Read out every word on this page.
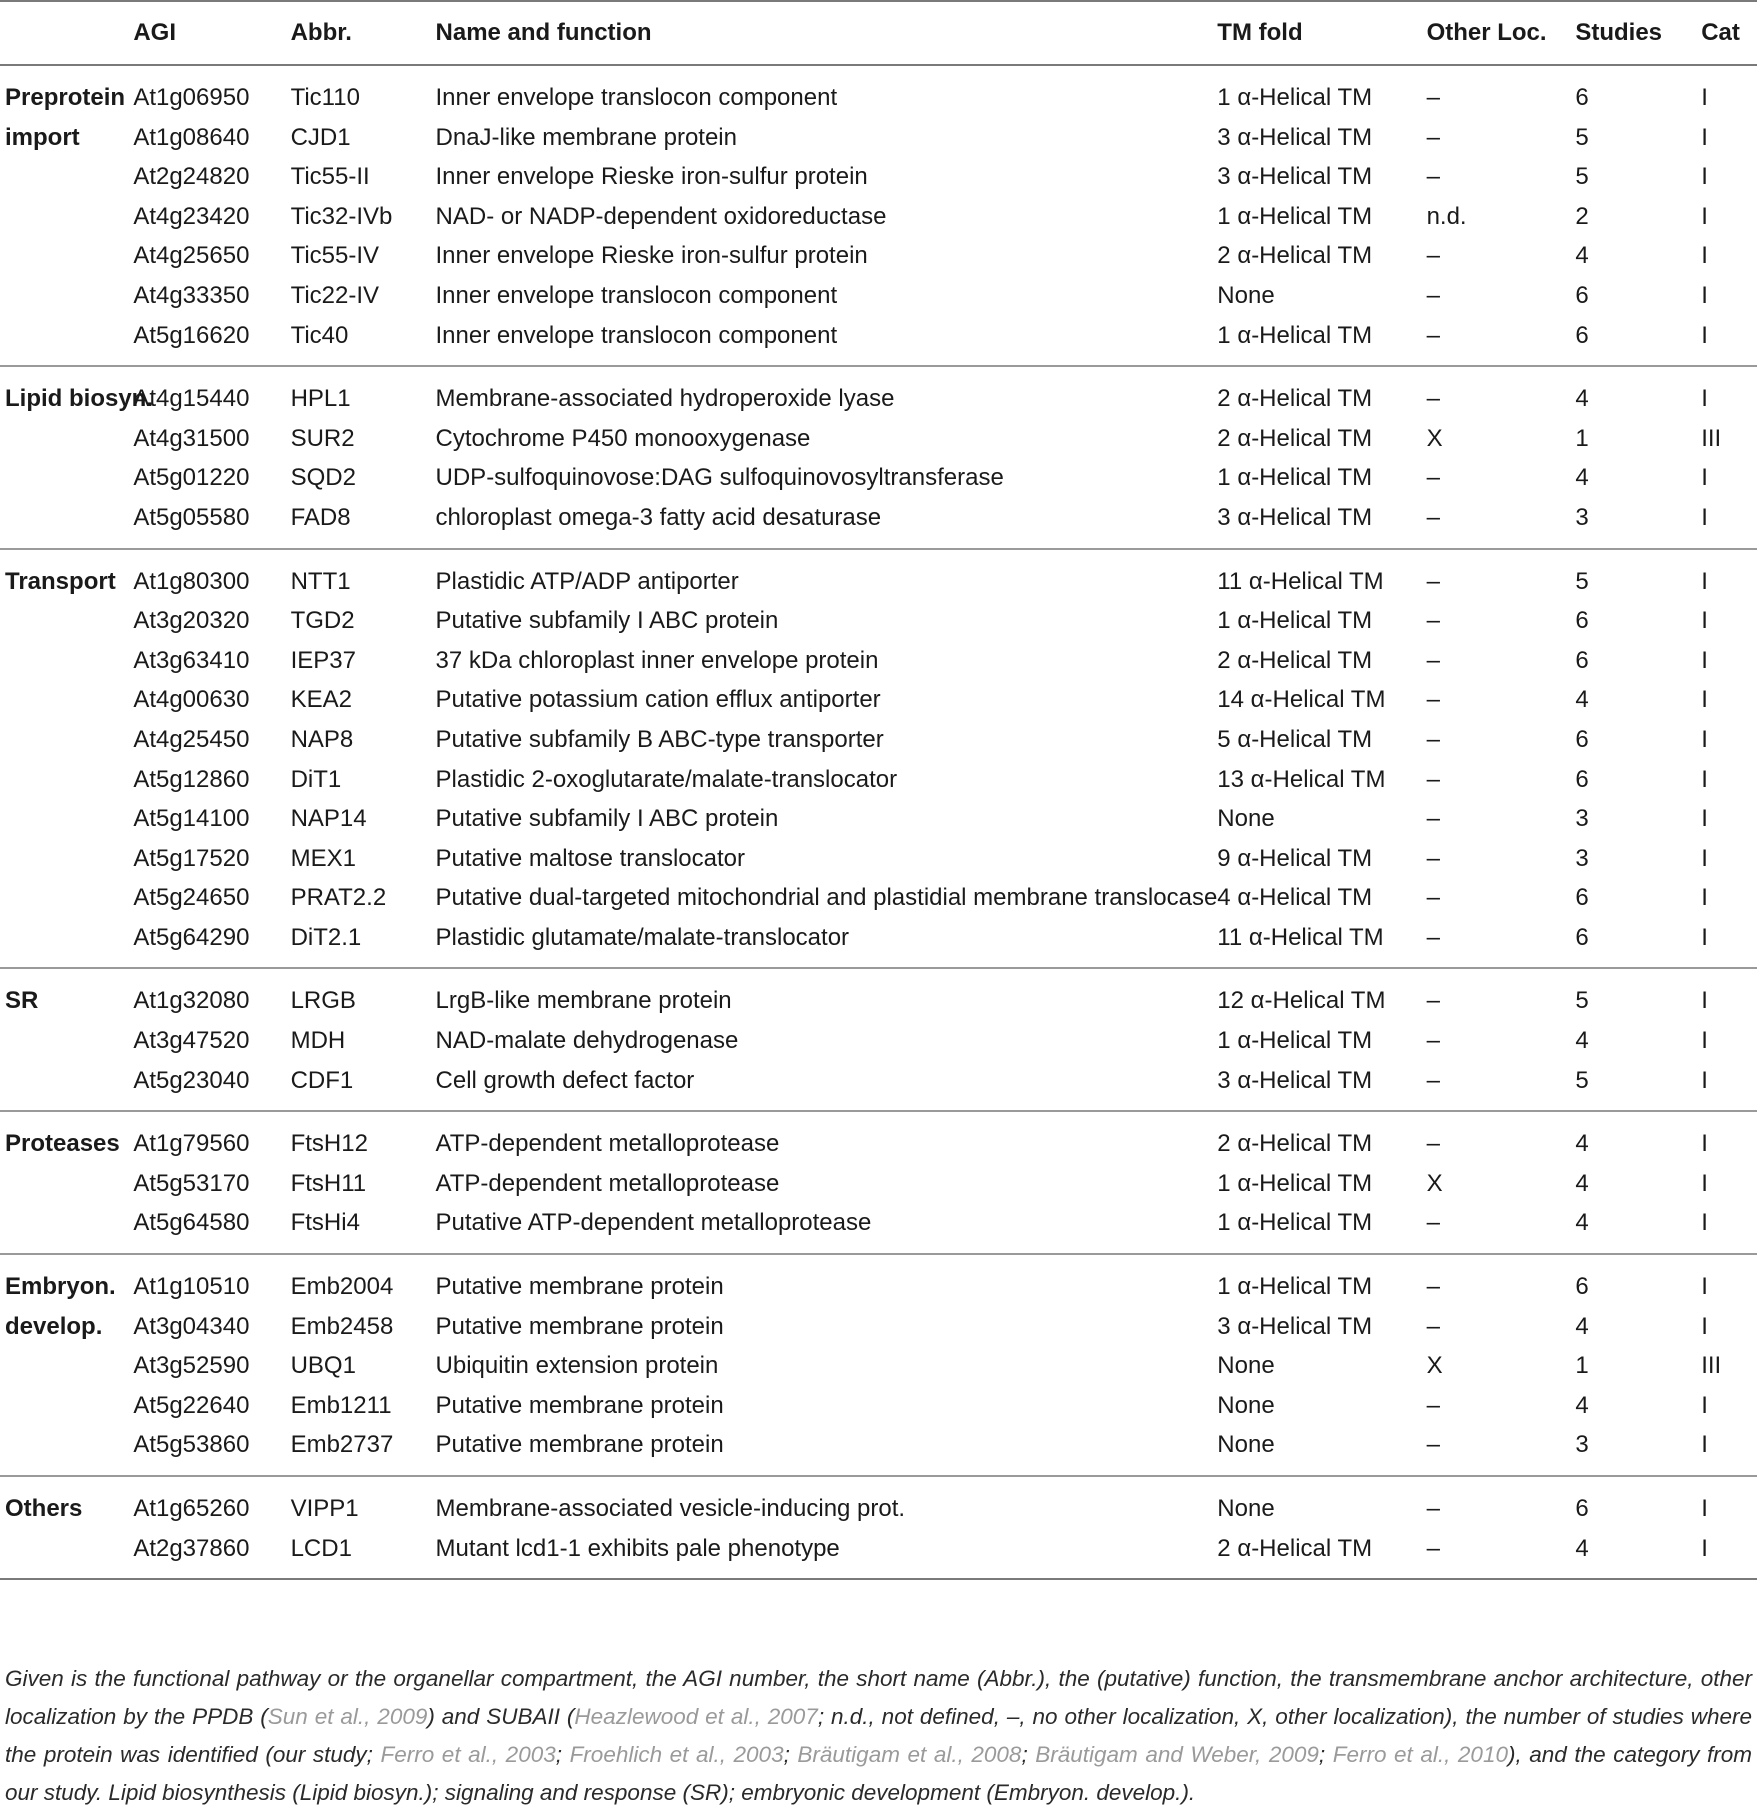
	AGI	Abbr.	Name and function	TM fold	Other Loc.	Studies	Cat

Preprotein import	At1g06950	Tic110	Inner envelope translocon component	1 α-Helical TM	–	6	I
	At1g08640	CJD1	DnaJ-like membrane protein	3 α-Helical TM	–	5	I
	At2g24820	Tic55-II	Inner envelope Rieske iron-sulfur protein	3 α-Helical TM	–	5	I
	At4g23420	Tic32-IVb	NAD- or NADP-dependent oxidoreductase	1 α-Helical TM	n.d.	2	I
	At4g25650	Tic55-IV	Inner envelope Rieske iron-sulfur protein	2 α-Helical TM	–	4	I
	At4g33350	Tic22-IV	Inner envelope translocon component	None	–	6	I
	At5g16620	Tic40	Inner envelope translocon component	1 α-Helical TM	–	6	I

Lipid biosyn.	At4g15440	HPL1	Membrane-associated hydroperoxide lyase	2 α-Helical TM	–	4	I
	At4g31500	SUR2	Cytochrome P450 monooxygenase	2 α-Helical TM	X	1	III
	At5g01220	SQD2	UDP-sulfoquinovose:DAG sulfoquinovosyltransferase	1 α-Helical TM	–	4	I
	At5g05580	FAD8	chloroplast omega-3 fatty acid desaturase	3 α-Helical TM	–	3	I

Transport	At1g80300	NTT1	Plastidic ATP/ADP antiporter	11 α-Helical TM	–	5	I
	At3g20320	TGD2	Putative subfamily I ABC protein	1 α-Helical TM	–	6	I
	At3g63410	IEP37	37 kDa chloroplast inner envelope protein	2 α-Helical TM	–	6	I
	At4g00630	KEA2	Putative potassium cation efflux antiporter	14 α-Helical TM	–	4	I
	At4g25450	NAP8	Putative subfamily B ABC-type transporter	5 α-Helical TM	–	6	I
	At5g12860	DiT1	Plastidic 2-oxoglutarate/malate-translocator	13 α-Helical TM	–	6	I
	At5g14100	NAP14	Putative subfamily I ABC protein	None	–	3	I
	At5g17520	MEX1	Putative maltose translocator	9 α-Helical TM	–	3	I
	At5g24650	PRAT2.2	Putative dual-targeted mitochondrial and plastidial membrane translocase	4 α-Helical TM	–	6	I
	At5g64290	DiT2.1	Plastidic glutamate/malate-translocator	11 α-Helical TM	–	6	I

SR	At1g32080	LRGB	LrgB-like membrane protein	12 α-Helical TM	–	5	I
	At3g47520	MDH	NAD-malate dehydrogenase	1 α-Helical TM	–	4	I
	At5g23040	CDF1	Cell growth defect factor	3 α-Helical TM	–	5	I

Proteases	At1g79560	FtsH12	ATP-dependent metalloprotease	2 α-Helical TM	–	4	I
	At5g53170	FtsH11	ATP-dependent metalloprotease	1 α-Helical TM	X	4	I
	At5g64580	FtsHi4	Putative ATP-dependent metalloprotease	1 α-Helical TM	–	4	I

Embryon. develop.	At1g10510	Emb2004	Putative membrane protein	1 α-Helical TM	–	6	I
	At3g04340	Emb2458	Putative membrane protein	3 α-Helical TM	–	4	I
	At3g52590	UBQ1	Ubiquitin extension protein	None	X	1	III
	At5g22640	Emb1211	Putative membrane protein	None	–	4	I
	At5g53860	Emb2737	Putative membrane protein	None	–	3	I

Others	At1g65260	VIPP1	Membrane-associated vesicle-inducing prot.	None	–	6	I
	At2g37860	LCD1	Mutant lcd1-1 exhibits pale phenotype	2 α-Helical TM	–	4	I
Given is the functional pathway or the organellar compartment, the AGI number, the short name (Abbr.), the (putative) function, the transmembrane anchor architecture, other localization by the PPDB (Sun et al., 2009) and SUBAII (Heazlewood et al., 2007; n.d., not defined, –, no other localization, X, other localization), the number of studies where the protein was identified (our study; Ferro et al., 2003; Froehlich et al., 2003; Bräutigam et al., 2008; Bräutigam and Weber, 2009; Ferro et al., 2010), and the category from our study. Lipid biosynthesis (Lipid biosyn.); signaling and response (SR); embryonic development (Embryon. develop.).
